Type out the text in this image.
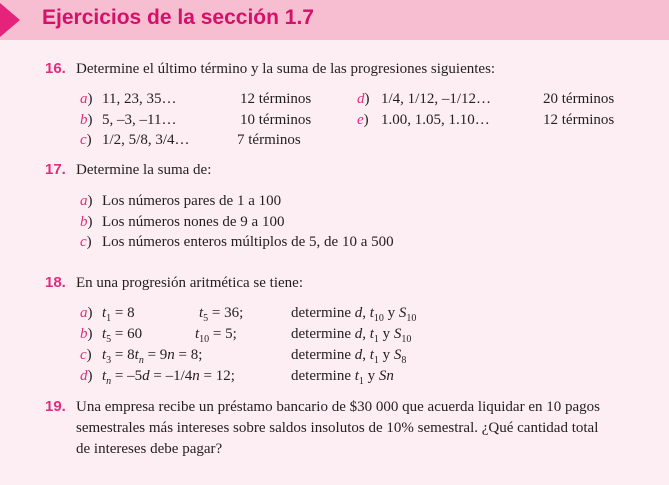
Ejercicios de la sección 1.7
16. Determine el último término y la suma de las progresiones siguientes:
a) 11, 23, 35…	12 términos
b) 5, –3, –11…	10 términos
c) 1/2, 5/8, 3/4…	7 términos
d) 1/4, 1/12, –1/12…	20 términos
e) 1.00, 1.05, 1.10…	12 términos
17. Determine la suma de:
a) Los números pares de 1 a 100
b) Los números nones de 9 a 100
c) Los números enteros múltiplos de 5, de 10 a 500
18. En una progresión aritmética se tiene:
a) $t_1 = 8$	$t_5 = 36$;	determine d, $t_{10}$ y $S_{10}$
b) $t_5 = 60$	$t_{10} = 5$;	determine d, $t_1$ y $S_{10}$
c) $t_3 = 8t_n = 9n = 8$;	determine d, $t_1$ y $S_8$
d) $t_n = -5d = -1/4n = 12$;	determine $t_1$ y Sn
19. Una empresa recibe un préstamo bancario de $30 000 que acuerda liquidar en 10 pagos
semestrales más intereses sobre saldos insolutos de 10% semestral. ¿Qué cantidad total
de intereses debe pagar?
